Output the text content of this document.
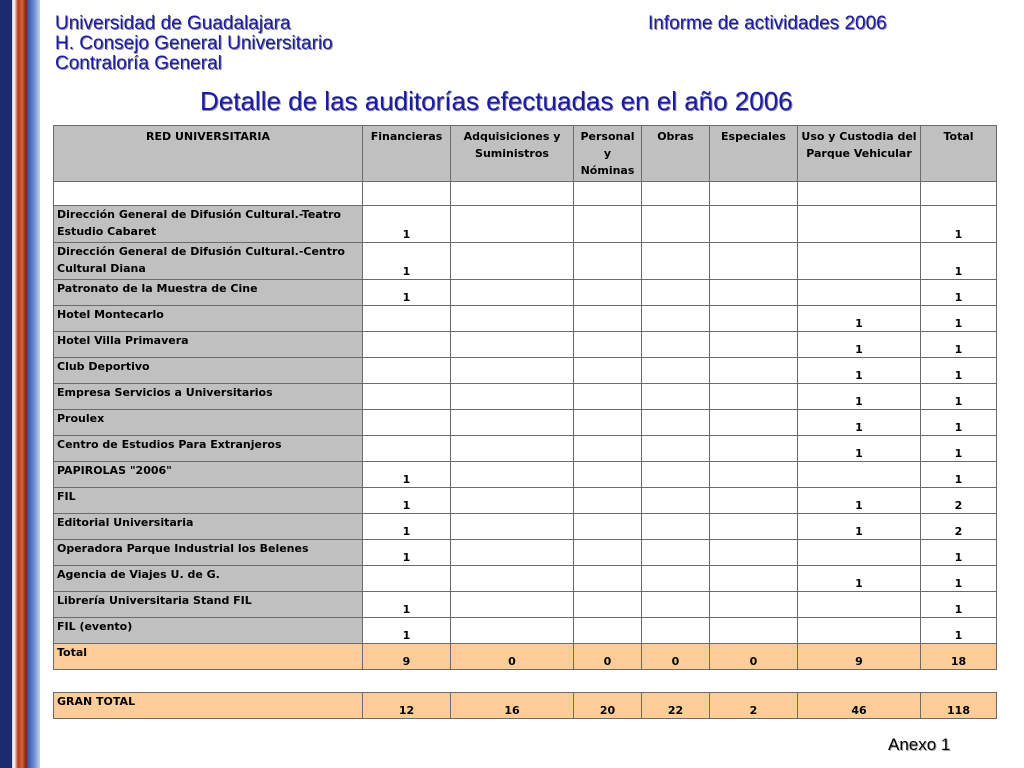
Universidad de Guadalajara
H. Consejo General Universitario
Contraloría General
Informe de actividades 2006
Detalle de las auditorías efectuadas en el año 2006
RED UNIVERSITARIA	Financieras	Adquisiciones y Suministros	Personal y Nóminas	Obras	Especiales	Uso y Custodia del Parque Vehicular	Total

Dirección General de Difusión Cultural.-Teatro Estudio Cabaret	1						1
Dirección General de Difusión Cultural.-Centro Cultural Diana	1						1
Patronato de la Muestra de Cine	1						1
Hotel Montecarlo						1	1
Hotel Villa Primavera						1	1
Club Deportivo						1	1
Empresa Servicios a Universitarios						1	1
Proulex						1	1
Centro de Estudios Para Extranjeros						1	1
PAPIROLAS "2006"	1						1
FIL	1					1	2
Editorial Universitaria	1					1	2
Operadora Parque Industrial los Belenes	1						1
Agencia de Viajes U. de G.						1	1
Librería Universitaria Stand FIL	1						1
FIL (evento)	1						1
Total	9	0	0	0	0	9	18

GRAN TOTAL	12	16	20	22	2	46	118
Anexo 1
